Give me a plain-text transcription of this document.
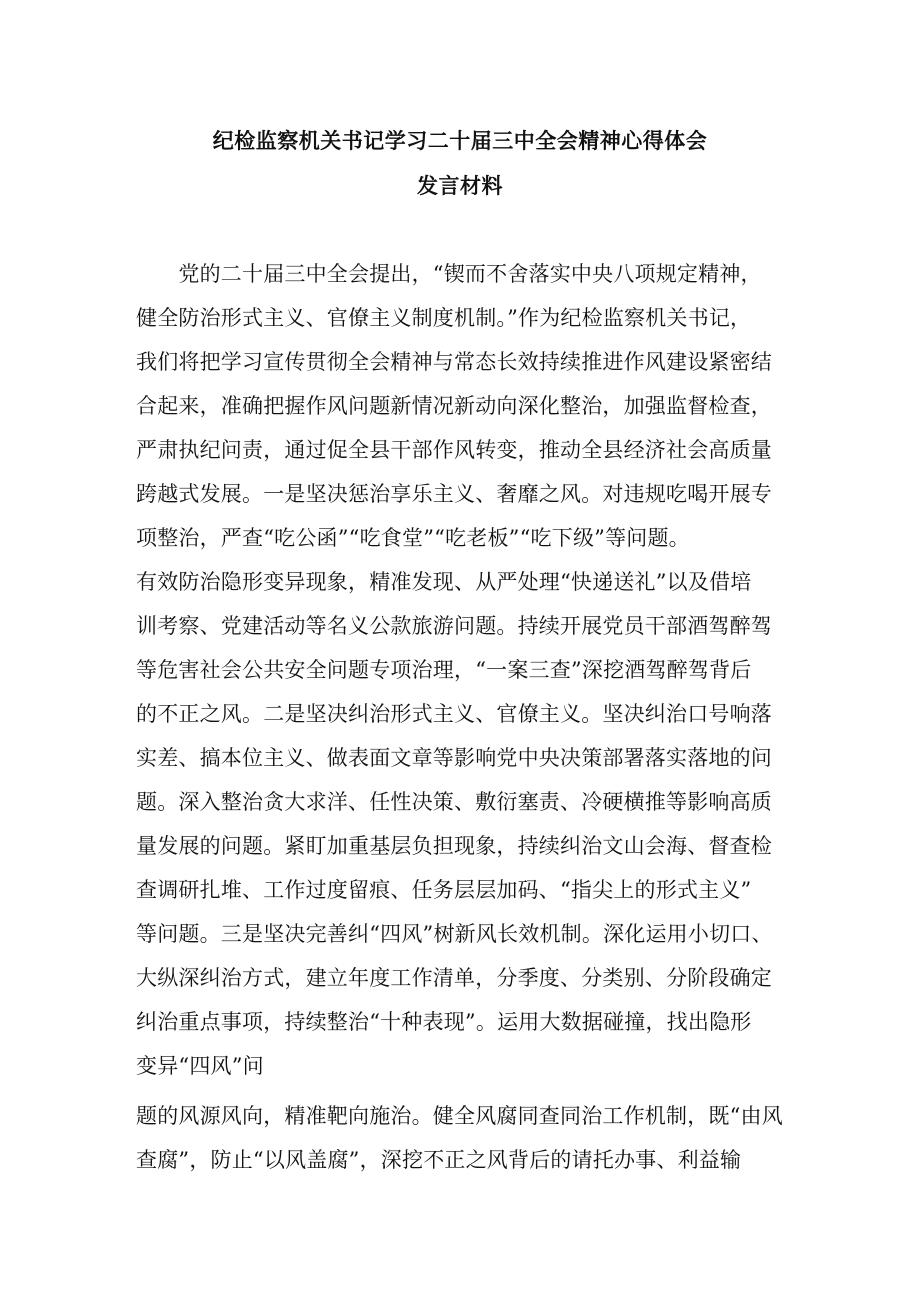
纪检监察机关书记学习二十届三中全会精神心得体会
发言材料

　　党的二十届三中全会提出，“锲而不舍落实中央八项规定精神，

健全防治形式主义、官僚主义制度机制。”作为纪检监察机关书记，

我们将把学习宣传贯彻全会精神与常态长效持续推进作风建设紧密结

合起来，准确把握作风问题新情况新动向深化整治，加强监督检查，

严肃执纪问责，通过促全县干部作风转变，推动全县经济社会高质量

跨越式发展。一是坚决惩治享乐主义、奢靡之风。对违规吃喝开展专

项整治，严查“吃公函”“吃食堂”“吃老板”“吃下级”等问题。

有效防治隐形变异现象，精准发现、从严处理“快递送礼”以及借培

训考察、党建活动等名义公款旅游问题。持续开展党员干部酒驾醉驾

等危害社会公共安全问题专项治理，“一案三查”深挖酒驾醉驾背后

的不正之风。二是坚决纠治形式主义、官僚主义。坚决纠治口号响落

实差、搞本位主义、做表面文章等影响党中央决策部署落实落地的问

题。深入整治贪大求洋、任性决策、敷衍塞责、冷硬横推等影响高质

量发展的问题。紧盯加重基层负担现象，持续纠治文山会海、督查检

查调研扎堆、工作过度留痕、任务层层加码、“指尖上的形式主义”

等问题。三是坚决完善纠“四风”树新风长效机制。深化运用小切口、

大纵深纠治方式，建立年度工作清单，分季度、分类别、分阶段确定

纠治重点事项，持续整治“十种表现”。运用大数据碰撞，找出隐形

变异“四风”问

题的风源风向，精准靶向施治。健全风腐同查同治工作机制，既“由风

查腐”，防止“以风盖腐”，深挖不正之风背后的请托办事、利益输
